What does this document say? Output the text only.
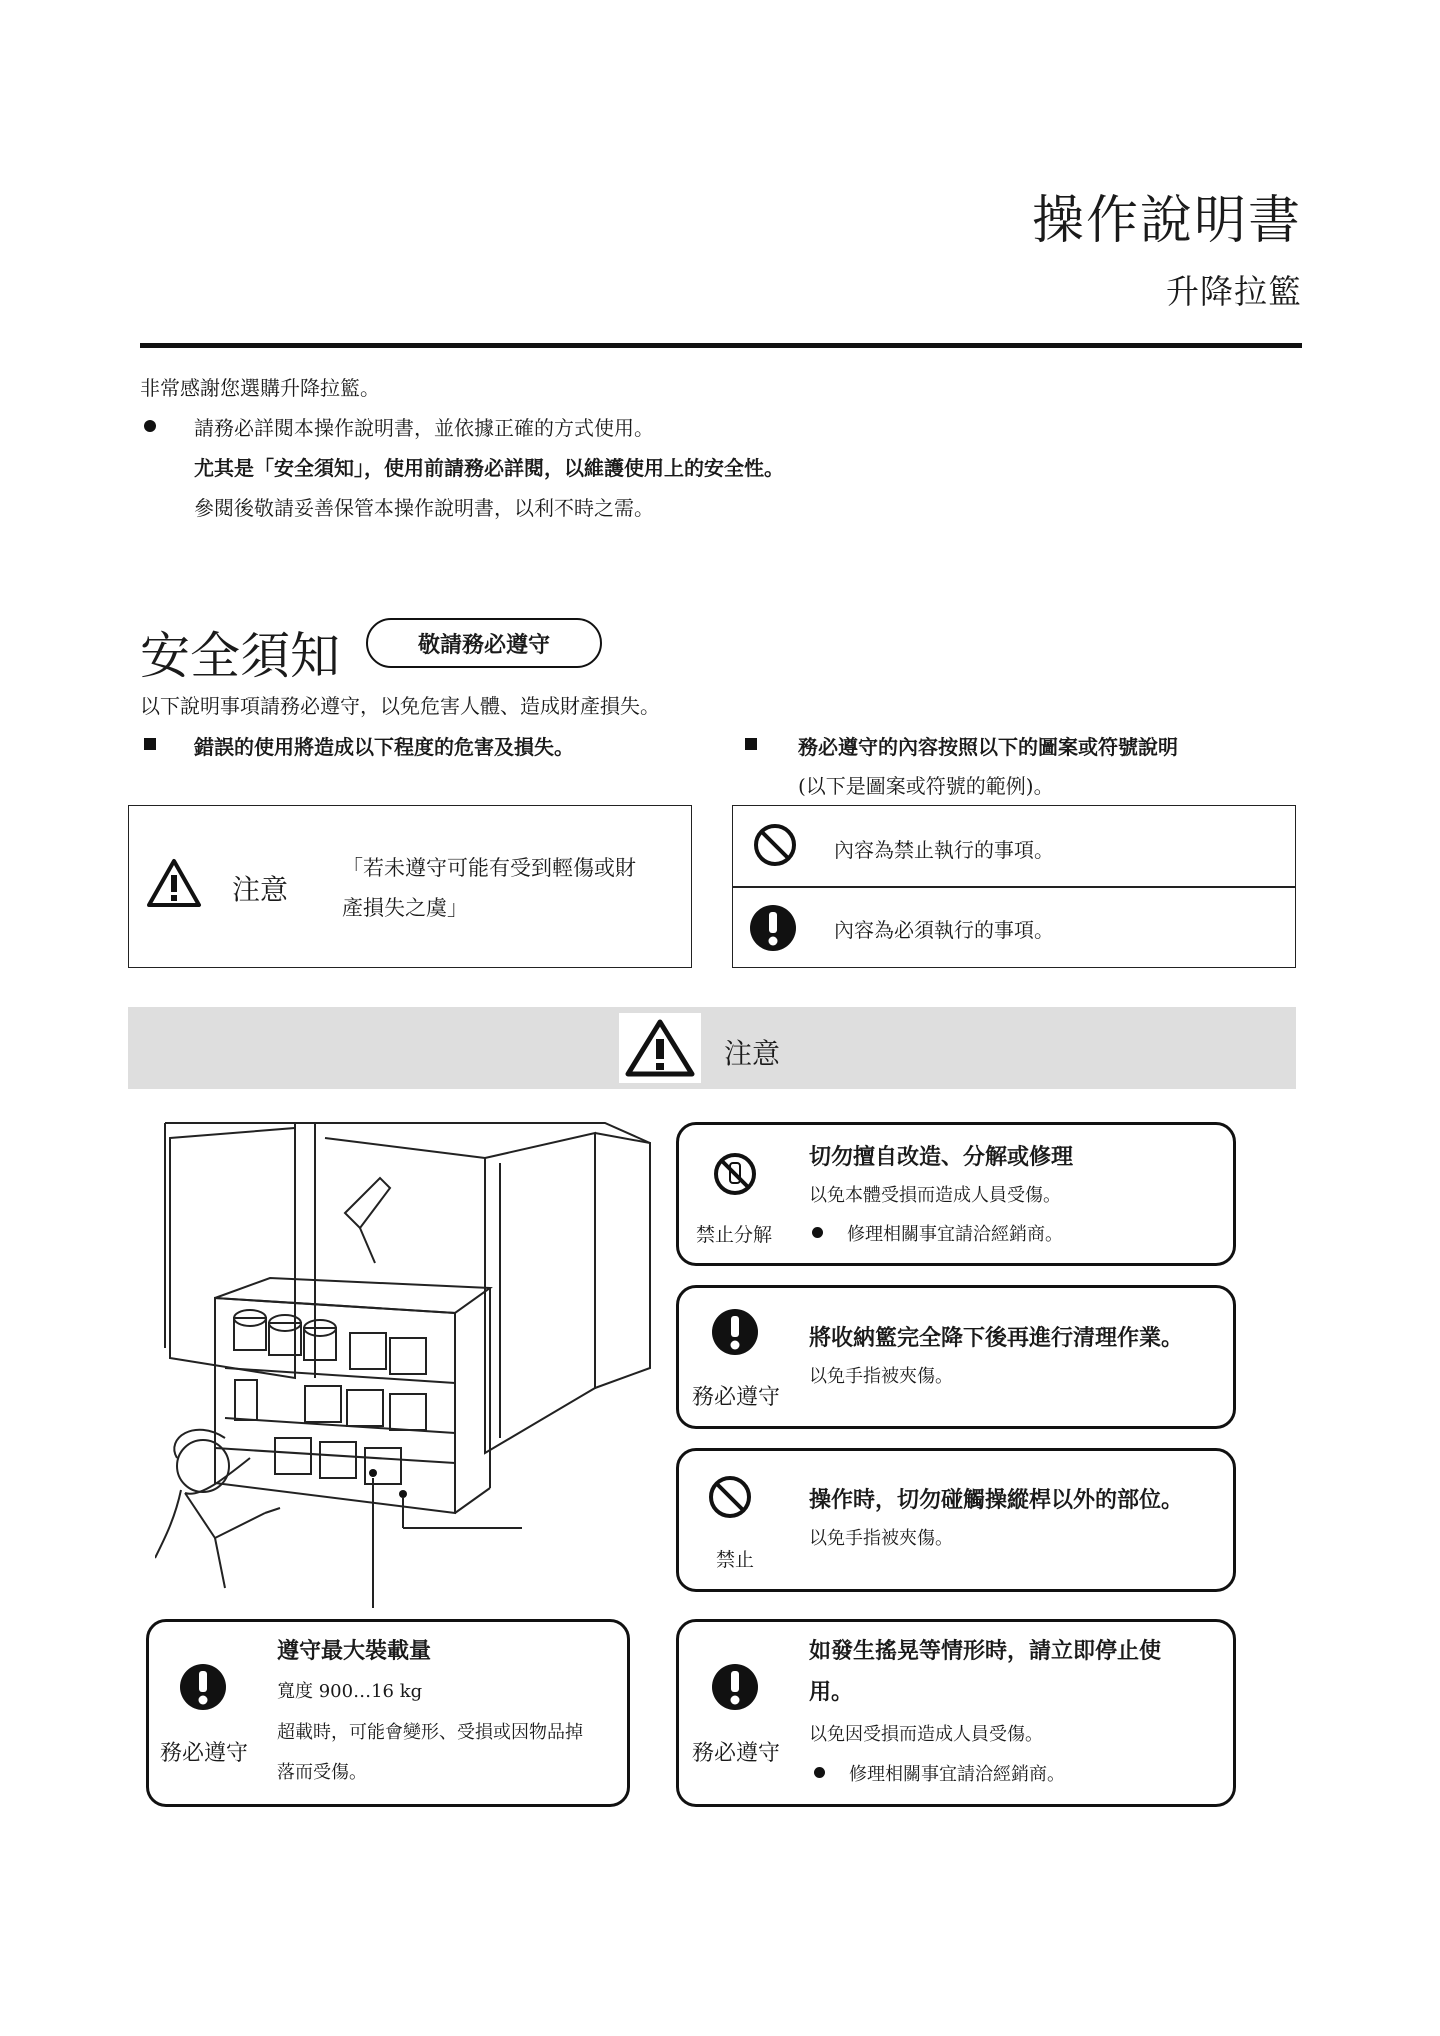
操作說明書
升降拉籃
非常感謝您選購升降拉籃。
請務必詳閱本操作說明書，並依據正確的方式使用。
尤其是「安全須知」，使用前請務必詳閱，以維護使用上的安全性。
參閱後敬請妥善保管本操作說明書，以利不時之需。
安全須知	敬請務必遵守
以下說明事項請務必遵守，以免危害人體、造成財產損失。
錯誤的使用將造成以下程度的危害及損失。	務必遵守的內容按照以下的圖案或符號說明
(以下是圖案或符號的範例)。
注意
「若未遵守可能有受到輕傷或財
產損失之虞」
內容為禁止執行的事項。
內容為必須執行的事項。
注意
禁止分解
切勿擅自改造、分解或修理
以免本體受損而造成人員受傷。
修理相關事宜請洽經銷商。
務必遵守
將收納籃完全降下後再進行清理作業。
以免手指被夾傷。
禁止
操作時，切勿碰觸操縱桿以外的部位。
以免手指被夾傷。
務必遵守
遵守最大裝載量
寬度 900…16 kg
超載時，可能會變形、受損或因物品掉
落而受傷。
務必遵守
如發生搖晃等情形時，請立即停止使
用。
以免因受損而造成人員受傷。
修理相關事宜請洽經銷商。
